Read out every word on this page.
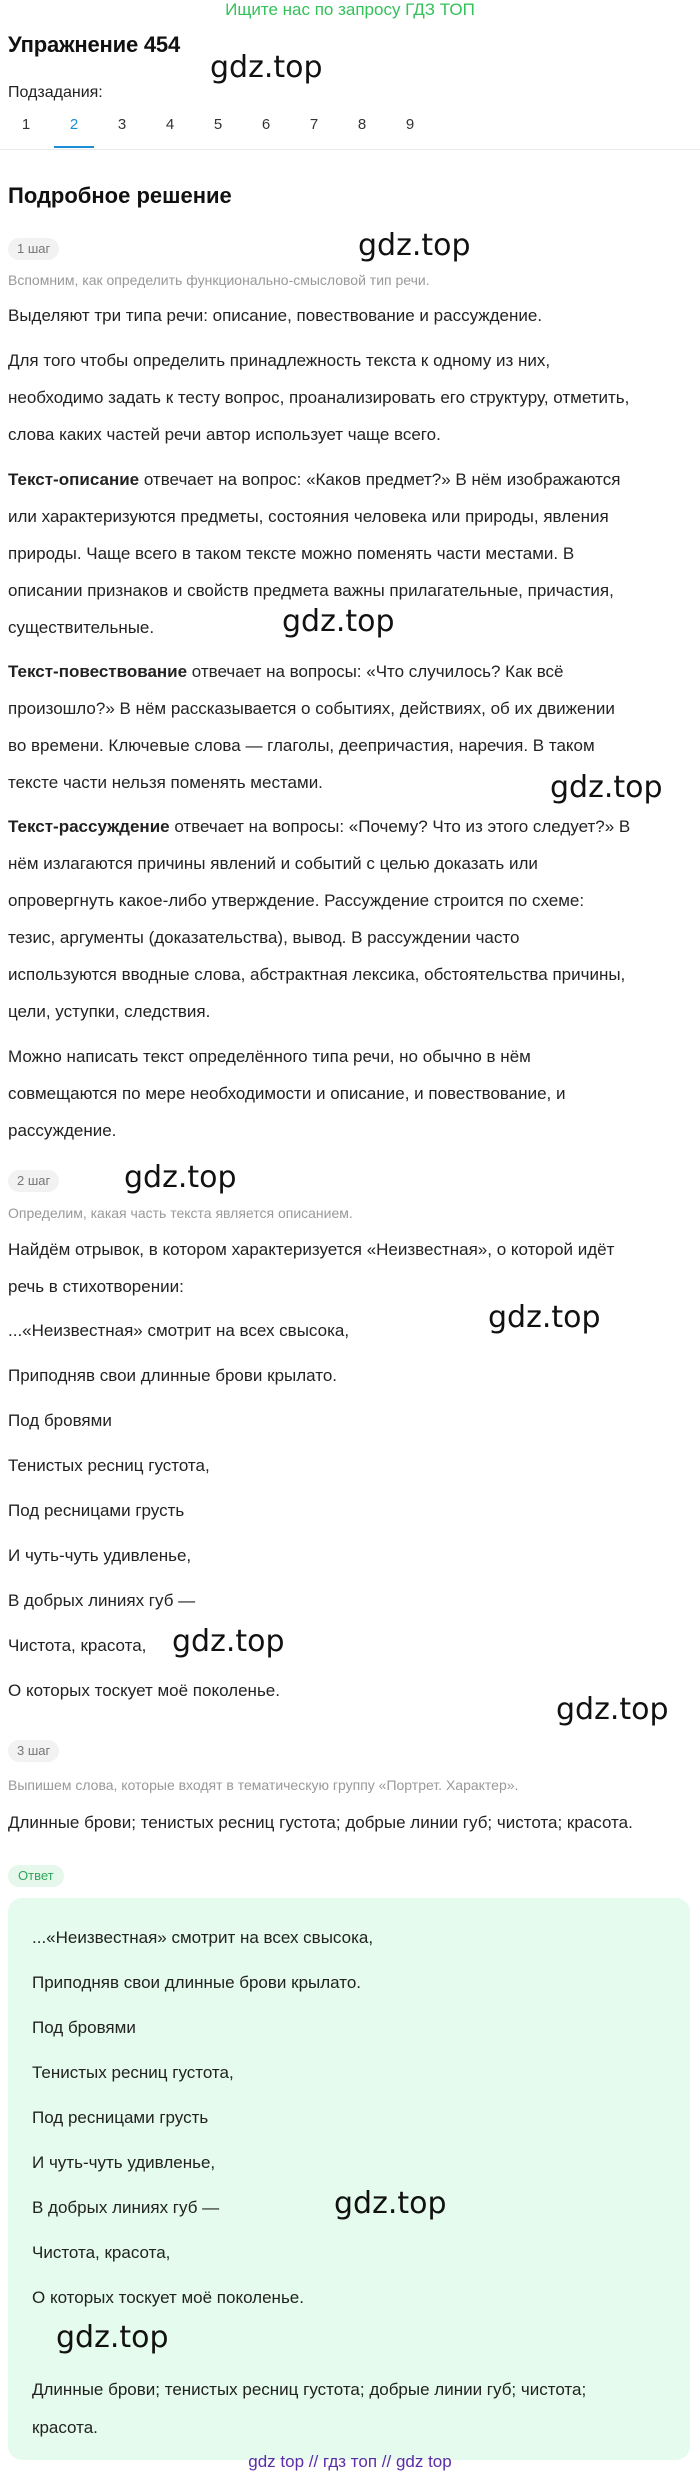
Ищите нас по запросу ГДЗ ТОП
Упражнение 454
gdz.top
Подзадания:
1	2	3	4	5	6	7	8	9
Подробное решение
1 шаг	gdz.top
Вспомним, как определить функционально-смысловой тип речи.

Выделяют три типа речи: описание, повествование и рассуждение.

Для того чтобы определить принадлежность текста к одному из них,

необходимо задать к тесту вопрос, проанализировать его структуру, отметить,

слова каких частей речи автор использует чаще всего.

Текст-описание отвечает на вопрос: «Каков предмет?» В нём изображаются

или характеризуются предметы, состояния человека или природы, явления

природы. Чаще всего в таком тексте можно поменять части местами. В

описании признаков и свойств предмета важны прилагательные, причастия,

существительные.	gdz.top

Текст-повествование отвечает на вопросы: «Что случилось? Как всё

произошло?» В нём рассказывается о событиях, действиях, об их движении

во времени. Ключевые слова — глаголы, деепричастия, наречия. В таком

тексте части нельзя поменять местами.	gdz.top

Текст-рассуждение отвечает на вопросы: «Почему? Что из этого следует?» В

нём излагаются причины явлений и событий с целью доказать или

опровергнуть какое-либо утверждение. Рассуждение строится по схеме:

тезис, аргументы (доказательства), вывод. В рассуждении часто

используются вводные слова, абстрактная лексика, обстоятельства причины,

цели, уступки, следствия.

Можно написать текст определённого типа речи, но обычно в нём

совмещаются по мере необходимости и описание, и повествование, и

рассуждение.

2 шаг	gdz.top
Определим, какая часть текста является описанием.

Найдём отрывок, в котором характеризуется «Неизвестная», о которой идёт

речь в стихотворении:

...«Неизвестная» смотрит на всех свысока,	gdz.top

Приподняв свои длинные брови крылато.

Под бровями

Тенистых ресниц густота,

Под ресницами грусть

И чуть-чуть удивленье,

В добрых линиях губ —

Чистота, красота, gdz.top

О которых тоскует моё поколенье.

gdz.top
3 шаг
Выпишем слова, которые входят в тематическую группу «Портрет. Характер».

Длинные брови; тенистых ресниц густота; добрые линии губ; чистота; красота.

Ответ

...«Неизвестная» смотрит на всех свысока,

Приподняв свои длинные брови крылато.

Под бровями

Тенистых ресниц густота,

Под ресницами грусть

И чуть-чуть удивленье,

В добрых линиях губ —	gdz.top

Чистота, красота,

О которых тоскует моё поколенье.

gdz.top

Длинные брови; тенистых ресниц густота; добрые линии губ; чистота;

красота.

gdz top // гдз топ // gdz top
